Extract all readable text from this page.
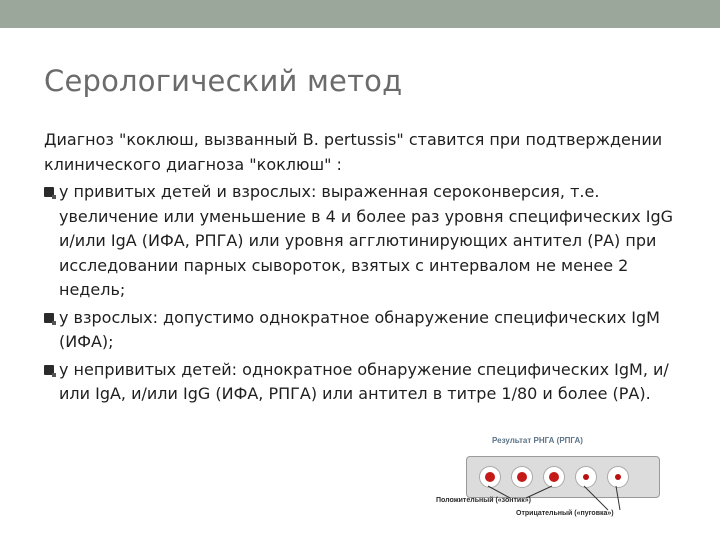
Серологический метод

Диагноз "коклюш, вызванный B. pertussis" ставится при подтверждении клинического диагноза "коклюш" :

у привитых детей и взрослых: выраженная сероконверсия, т.е. увеличение или уменьшение в 4 и более раз уровня специфических IgG и/или IgA (ИФА, РПГА) или уровня агглютинирующих антител (РА) при исследовании парных сывороток, взятых с интервалом не менее 2 недель;

у взрослых: допустимо однократное обнаружение специфических IgM (ИФА);

у непривитых детей: однократное обнаружение специфических IgM, и/или IgA, и/или IgG (ИФА, РПГА) или антител в титре 1/80 и более (РА).

Результат РНГА (РПГА)
Положительный («зонтик»)
Отрицательный («пуговка»)
